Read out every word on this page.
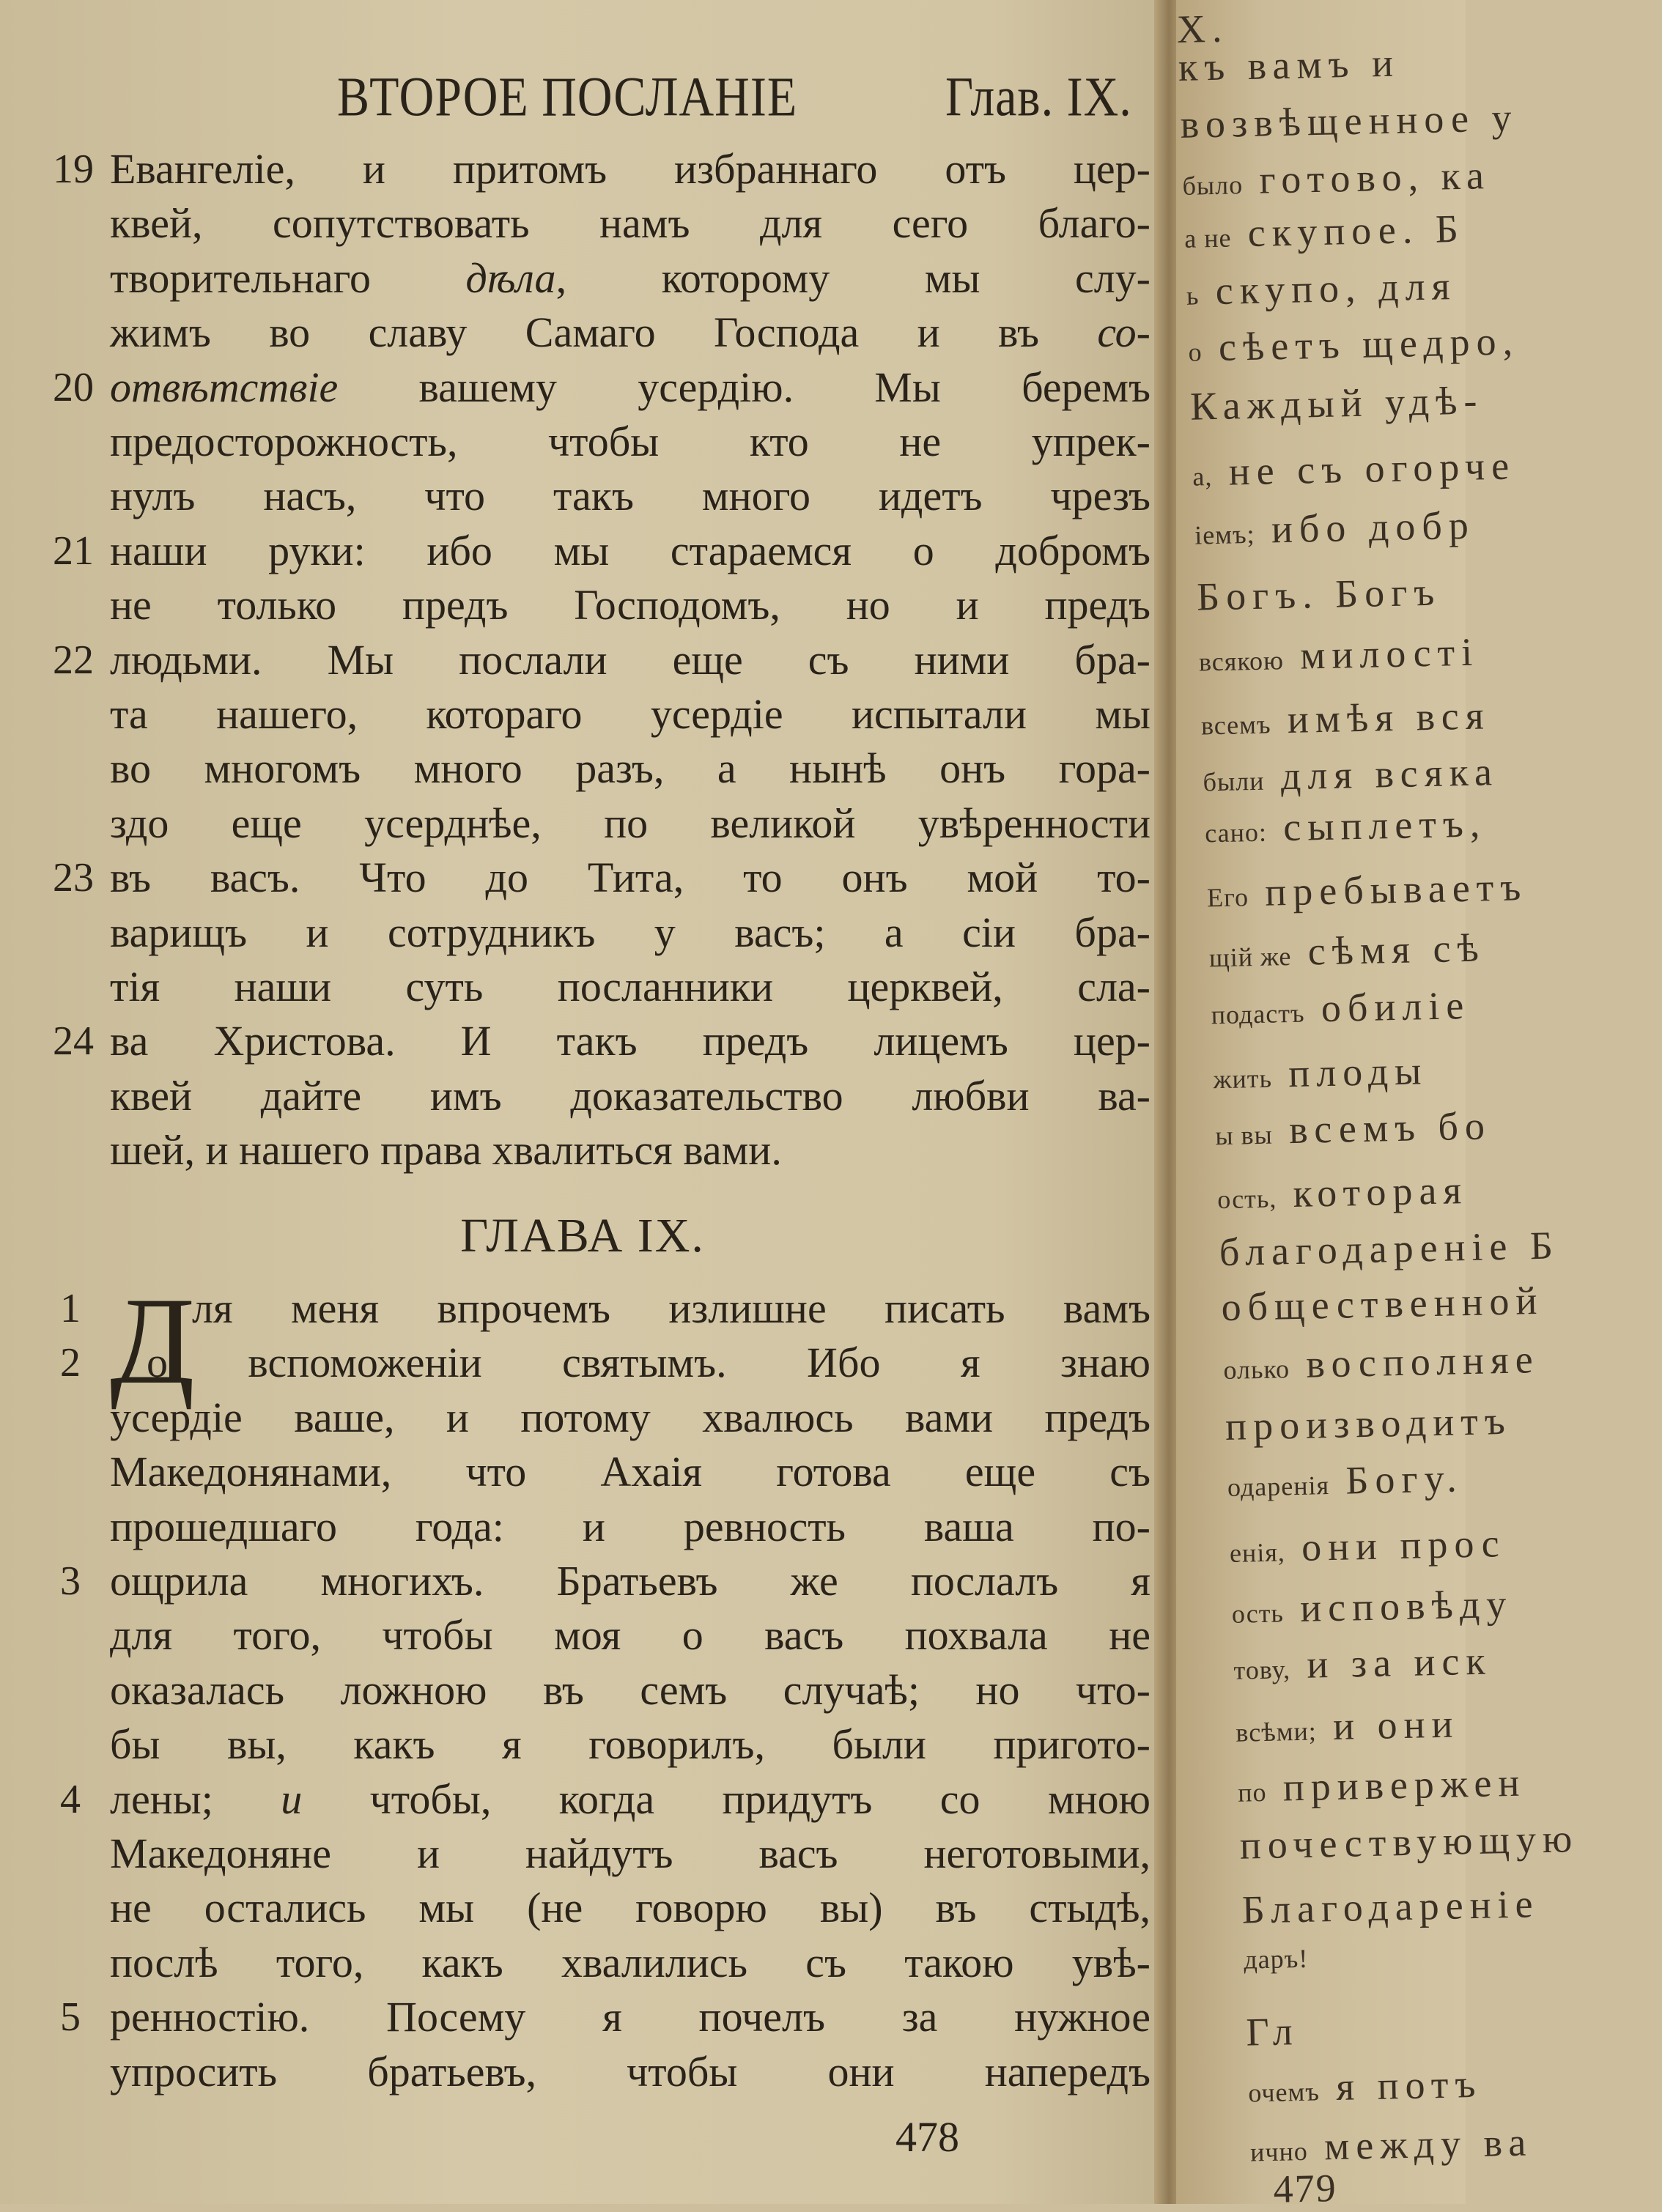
ВТОРОЕ ПОСЛАНІЕ	Глав. IX.
19 Евангеліе, и притомъ избраннаго отъ цер-
квей, сопутствовать намъ для сего благо-
творительнаго дѣла, которому мы слу-
жимъ во славу Самаго Господа и въ со-
20 отвѣтствіе вашему усердію. Мы беремъ
предосторожность, чтобы кто не упрек-
нулъ насъ, что такъ много идетъ чрезъ
21 наши руки: ибо мы стараемся о добромъ
не только предъ Господомъ, но и предъ
22 людьми. Мы послали еще съ ними бра-
та нашего, котораго усердіе испытали мы
во многомъ много разъ, а нынѣ онъ гора-
здо еще усерднѣе, по великой увѣренности
23 въ васъ. Что до Тита, то онъ мой то-
варищъ и сотрудникъ у васъ; а сіи бра-
тія наши суть посланники церквей, сла-
24 ва Христова. И такъ предъ лицемъ цер-
квей дайте имъ доказательство любви ва-
шей, и нашего права хвалиться вами.
ГЛАВА IX.
Д
1	ля меня впрочемъ излишне писать вамъ
2 о вспоможеніи святымъ. Ибо я знаю
усердіе ваше, и потому хвалюсь вами предъ
Македонянами, что Ахаія готова еще съ
прошедшаго года: и ревность ваша по-
3 ощрила многихъ. Братьевъ же послалъ я
для того, чтобы моя о васъ похвала не
оказалась ложною въ семъ случаѣ; но что-
бы вы, какъ я говорилъ, были пригото-
4 лены; и чтобы, когда придутъ со мною
Македоняне и найдутъ васъ неготовыми,
не остались мы (не говорю вы) въ стыдѣ,
послѣ того, какъ хвалились съ такою увѣ-
5 ренностію. Посему я почелъ за нужное
упросить братьевъ, чтобы они напередъ
478
Х.
къ вамъ и
возвѣщенное у
было готово, ка
а не скупое. Б
ь скупо, для
о сѣетъ щедро,
Каждый удѣ-
а, не съ огорче
іемъ; ибо добр
Богъ. Богъ
всякою милості
всемъ имѣя вся
были для всяка
сано: сыплетъ,
Его пребываетъ
щій же сѣмя сѣ
подастъ обиліе
жить плоды
ы вы всемъ бо
ость, которая
благодареніе Б
общественной
олько восполняе
производитъ
одаренія Богу.
енія, они прос
ость исповѣду
тову, и за иск
всѣми; и они
по привержен
почествующую
Благодареніе
даръ!
Гл
очемъ я потъ
ично между ва
479
